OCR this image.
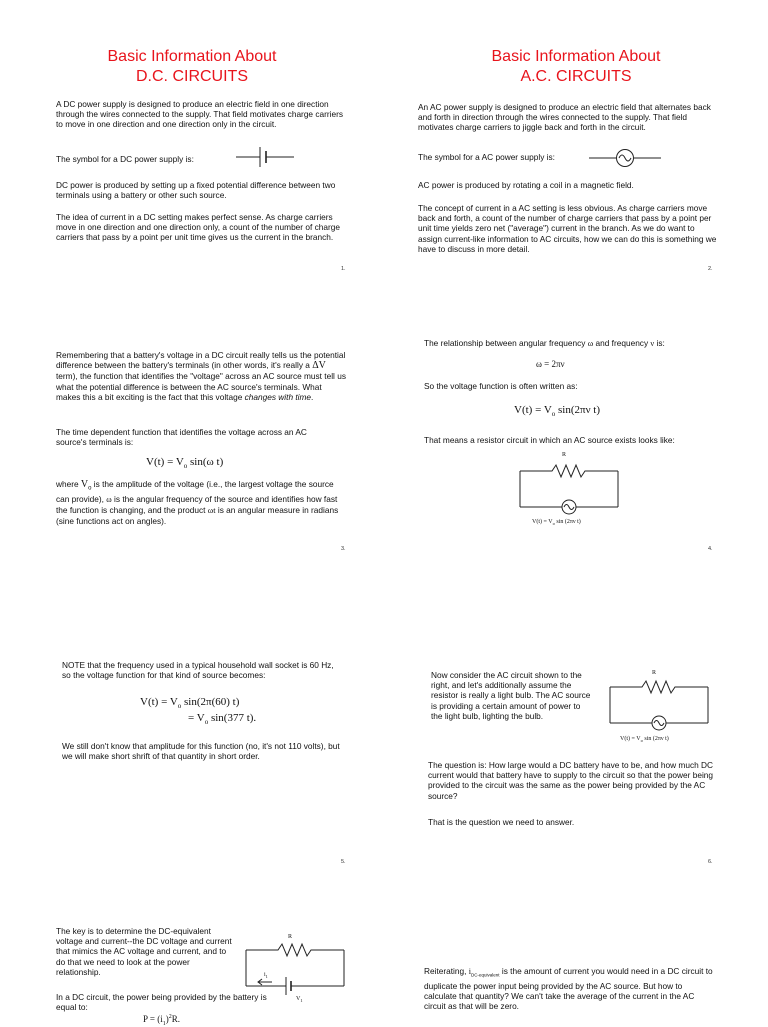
Basic Information About
D.C. CIRCUITS
A DC power supply is designed to produce an electric field in one direction through the wires connected to the supply. That field motivates charge carriers to move in one direction and one direction only in the circuit.
The symbol for a DC power supply is:
DC power is produced by setting up a fixed potential difference between two terminals using a battery or other such source.
The idea of current in a DC setting makes perfect sense. As charge carriers move in one direction and one direction only, a count of the number of charge carriers that pass by a point per unit time gives us the current in the branch.
1.
Basic Information About
A.C. CIRCUITS
An AC power supply is designed to produce an electric field that alternates back and forth in direction through the wires connected to the supply. That field motivates charge carriers to jiggle back and forth in the circuit.
The symbol for a AC power supply is:
AC power is produced by rotating a coil in a magnetic field.
The concept of current in a AC setting is less obvious. As charge carriers move back and forth, a count of the number of charge carriers that pass by a point per unit time yields zero net ("average") current in the branch. As we do want to assign current-like information to AC circuits, how we can do this is something we have to discuss in more detail.
2.
Remembering that a battery's voltage in a DC circuit really tells us the potential difference between the battery's terminals (in other words, it's really a ΔV term), the function that identifies the "voltage" across an AC source must tell us what the potential difference is between the AC source's terminals. What makes this a bit exciting is the fact that this voltage changes with time.
The time dependent function that identifies the voltage across an AC source's terminals is:
$V(t) = V_o$ sin(ω t)
where $V_o$ is the amplitude of the voltage (i.e., the largest voltage the source can provide), ω is the angular frequency of the source and identifies how fast the function is changing, and the product ωt is an angular measure in radians (sine functions act on angles).
3.
The relationship between angular frequency ω and frequency ν is:
ω = 2πν
So the voltage function is often written as:
$V(t) = V_o$ sin(2πν t)
That means a resistor circuit in which an AC source exists looks like:
R
$V(t) = V_o$ sin (2πν t)
4.
NOTE that the frequency used in a typical household wall socket is 60 Hz, so the voltage function for that kind of source becomes:
$V(t) = V_o$ sin(2π(60) t)
= $V_o$ sin(377 t).
We still don't know that amplitude for this function (no, it's not 110 volts), but we will make short shrift of that quantity in short order.
5.
Now consider the AC circuit shown to the right, and let's additionally assume the resistor is really a light bulb. The AC source is providing a certain amount of power to the light bulb, lighting the bulb.
R
$V(t) = V_o$ sin (2πν t)
The question is: How large would a DC battery have to be, and how much DC current would that battery have to supply to the circuit so that the power being provided to the circuit was the same as the power being provided by the AC source?
That is the question we need to answer.
6.
The key is to determine the DC-equivalent voltage and current--the DC voltage and current that mimics the AC voltage and current, and to do that we need to look at the power relationship.
In a DC circuit, the power being provided by the battery is equal to:
$P = (i_1)^2R$.
R
$i_1$
$V_1$
Reiterating, $i_{DC-equivalent}$ is the amount of current you would need in a DC circuit to duplicate the power input being provided by the AC source. But how to calculate that quantity? We can't take the average of the current in the AC circuit as that will be zero.
